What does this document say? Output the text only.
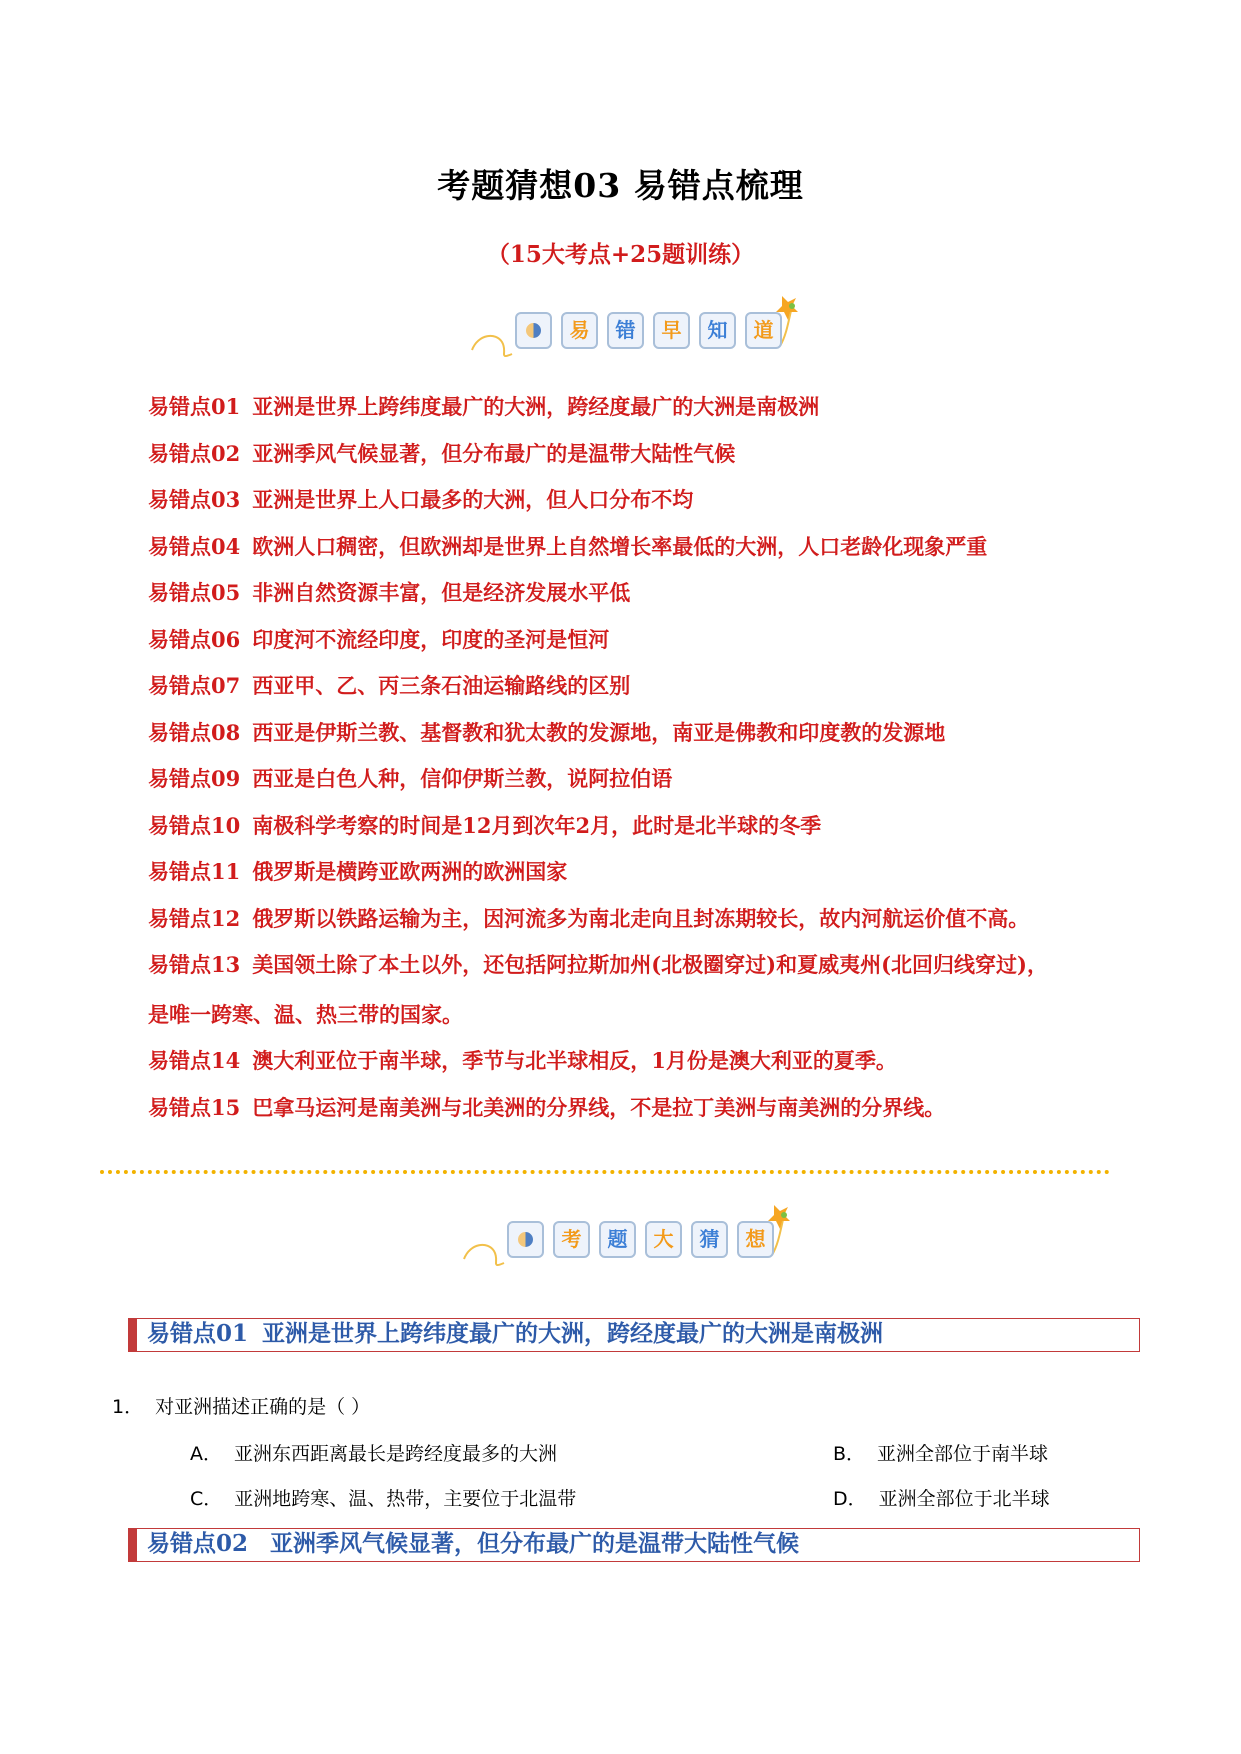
考题猜想03 易错点梳理
（15大考点+25题训练）
易	错	早	知	道
易错点01 亚洲是世界上跨纬度最广的大洲，跨经度最广的大洲是南极洲
易错点02 亚洲季风气候显著，但分布最广的是温带大陆性气候
易错点03 亚洲是世界上人口最多的大洲，但人口分布不均
易错点04 欧洲人口稠密，但欧洲却是世界上自然增长率最低的大洲，人口老龄化现象严重
易错点05 非洲自然资源丰富，但是经济发展水平低
易错点06 印度河不流经印度，印度的圣河是恒河
易错点07 西亚甲、乙、丙三条石油运输路线的区别
易错点08 西亚是伊斯兰教、基督教和犹太教的发源地，南亚是佛教和印度教的发源地
易错点09 西亚是白色人种，信仰伊斯兰教，说阿拉伯语
易错点10 南极科学考察的时间是12月到次年2月，此时是北半球的冬季
易错点11 俄罗斯是横跨亚欧两洲的欧洲国家
易错点12 俄罗斯以铁路运输为主，因河流多为南北走向且封冻期较长，故内河航运价值不高。
易错点13 美国领土除了本土以外，还包括阿拉斯加州(北极圈穿过)和夏威夷州(北回归线穿过)，
是唯一跨寒、温、热三带的国家。
易错点14 澳大利亚位于南半球，季节与北半球相反，1月份是澳大利亚的夏季。
易错点15 巴拿马运河是南美洲与北美洲的分界线，不是拉丁美洲与南美洲的分界线。
考	题	大	猜	想
易错点01 亚洲是世界上跨纬度最广的大洲，跨经度最广的大洲是南极洲
1． 对亚洲描述正确的是（ ）
A． 亚洲东西距离最长是跨经度最多的大洲	B． 亚洲全部位于南半球
C． 亚洲地跨寒、温、热带，主要位于北温带	D． 亚洲全部位于北半球
易错点02 亚洲季风气候显著，但分布最广的是温带大陆性气候
